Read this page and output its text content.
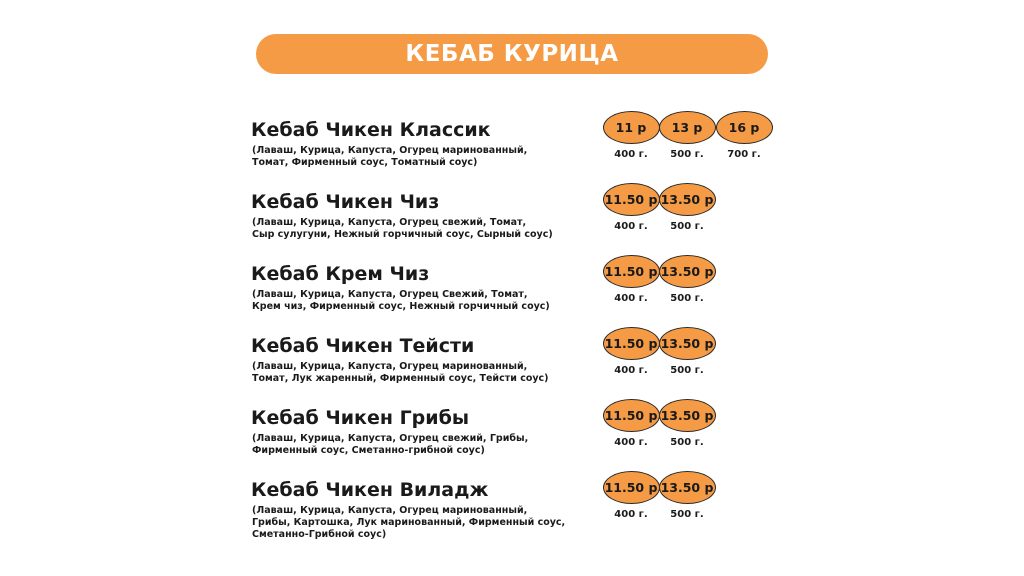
КЕБАБ КУРИЦА
Кебаб Чикен Классик
(Лаваш, Курица, Капуста, Огурец маринованный,
Томат, Фирменный соус, Томатный соус)
11 р
400 г.
13 р
500 г.
16 р
700 г.
Кебаб Чикен Чиз
(Лаваш, Курица, Капуста, Огурец свежий, Томат,
Сыр сулугуни, Нежный горчичный соус, Сырный соус)
11.50 р
400 г.
13.50 р
500 г.
Кебаб Крем Чиз
(Лаваш, Курица, Капуста, Огурец Свежий, Томат,
Крем чиз, Фирменный соус, Нежный горчичный соус)
11.50 р
400 г.
13.50 р
500 г.
Кебаб Чикен Тейсти
(Лаваш, Курица, Капуста, Огурец маринованный,
Томат, Лук жаренный, Фирменный соус, Тейсти соус)
11.50 р
400 г.
13.50 р
500 г.
Кебаб Чикен Грибы
(Лаваш, Курица, Капуста, Огурец свежий, Грибы,
Фирменный соус, Сметанно-грибной соус)
11.50 р
400 г.
13.50 р
500 г.
Кебаб Чикен Виладж
(Лаваш, Курица, Капуста, Огурец маринованный,
Грибы, Картошка, Лук маринованный, Фирменный соус,
Сметанно-Грибной соус)
11.50 р
400 г.
13.50 р
500 г.
